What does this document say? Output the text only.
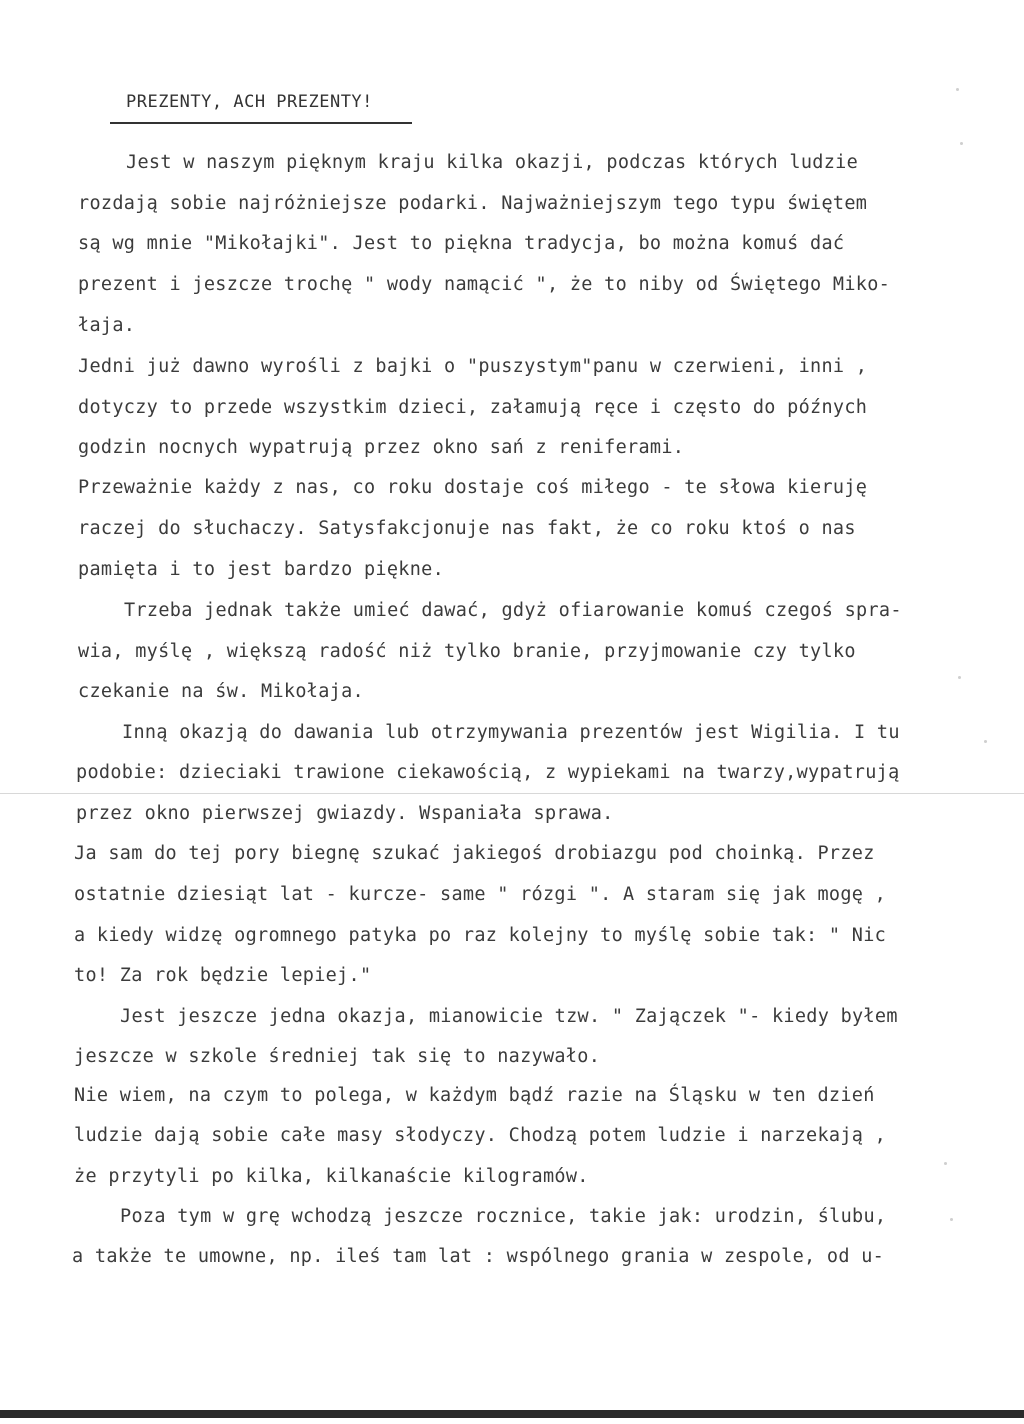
PREZENTY, ACH PREZENTY!
Jest w naszym pięknym kraju kilka okazji, podczas których ludzie
rozdają sobie najróżniejsze podarki. Najważniejszym tego typu świętem
są wg mnie "Mikołajki". Jest to piękna tradycja, bo można komuś dać
prezent i jeszcze trochę " wody namącić ", że to niby od Świętego Miko-
łaja.
Jedni już dawno wyrośli z bajki o "puszystym"panu w czerwieni, inni ,
dotyczy to przede wszystkim dzieci, załamują ręce i często do późnych
godzin nocnych wypatrują przez okno sań z reniferami.
Przeważnie każdy z nas, co roku dostaje coś miłego - te słowa kieruję
raczej do słuchaczy. Satysfakcjonuje nas fakt, że co roku ktoś o nas
pamięta i to jest bardzo piękne.
Trzeba jednak także umieć dawać, gdyż ofiarowanie komuś czegoś spra-
wia, myślę , większą radość niż tylko branie, przyjmowanie czy tylko
czekanie na św. Mikołaja.
Inną okazją do dawania lub otrzymywania prezentów jest Wigilia. I tu
podobie: dzieciaki trawione ciekawością, z wypiekami na twarzy,wypatrują
przez okno pierwszej gwiazdy. Wspaniała sprawa.
Ja sam do tej pory biegnę szukać jakiegoś drobiazgu pod choinką. Przez
ostatnie dziesiąt lat - kurcze- same " rózgi ". A staram się jak mogę ,
a kiedy widzę ogromnego patyka po raz kolejny to myślę sobie tak: " Nic
to! Za rok będzie lepiej."
Jest jeszcze jedna okazja, mianowicie tzw. " Zajączek "- kiedy byłem
jeszcze w szkole średniej tak się to nazywało.
Nie wiem, na czym to polega, w każdym bądź razie na Śląsku w ten dzień
ludzie dają sobie całe masy słodyczy. Chodzą potem ludzie i narzekają ,
że przytyli po kilka, kilkanaście kilogramów.
Poza tym w grę wchodzą jeszcze rocznice, takie jak: urodzin, ślubu,
a także te umowne, np. ileś tam lat : wspólnego grania w zespole, od u-
